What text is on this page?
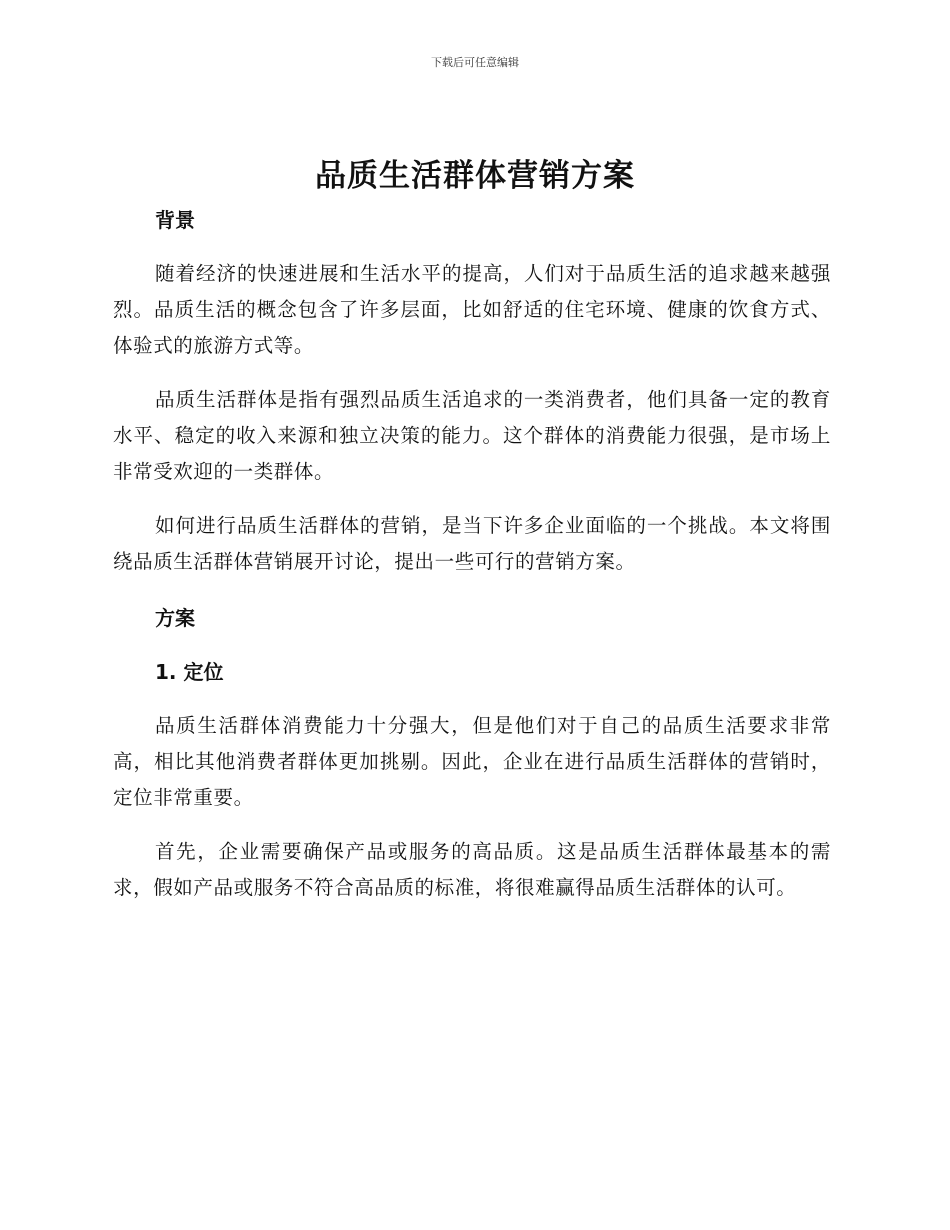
下载后可任意编辑
品质生活群体营销方案
背景

随着经济的快速进展和生活水平的提高，人们对于品质生活的追求越来越强烈。品质生活的概念包含了许多层面，比如舒适的住宅环境、健康的饮食方式、体验式的旅游方式等。

品质生活群体是指有强烈品质生活追求的一类消费者，他们具备一定的教育水平、稳定的收入来源和独立决策的能力。这个群体的消费能力很强，是市场上非常受欢迎的一类群体。

如何进行品质生活群体的营销，是当下许多企业面临的一个挑战。本文将围绕品质生活群体营销展开讨论，提出一些可行的营销方案。

方案
1. 定位

品质生活群体消费能力十分强大，但是他们对于自己的品质生活要求非常高，相比其他消费者群体更加挑剔。因此，企业在进行品质生活群体的营销时，定位非常重要。

首先，企业需要确保产品或服务的高品质。这是品质生活群体最基本的需求，假如产品或服务不符合高品质的标准，将很难赢得品质生活群体的认可。
